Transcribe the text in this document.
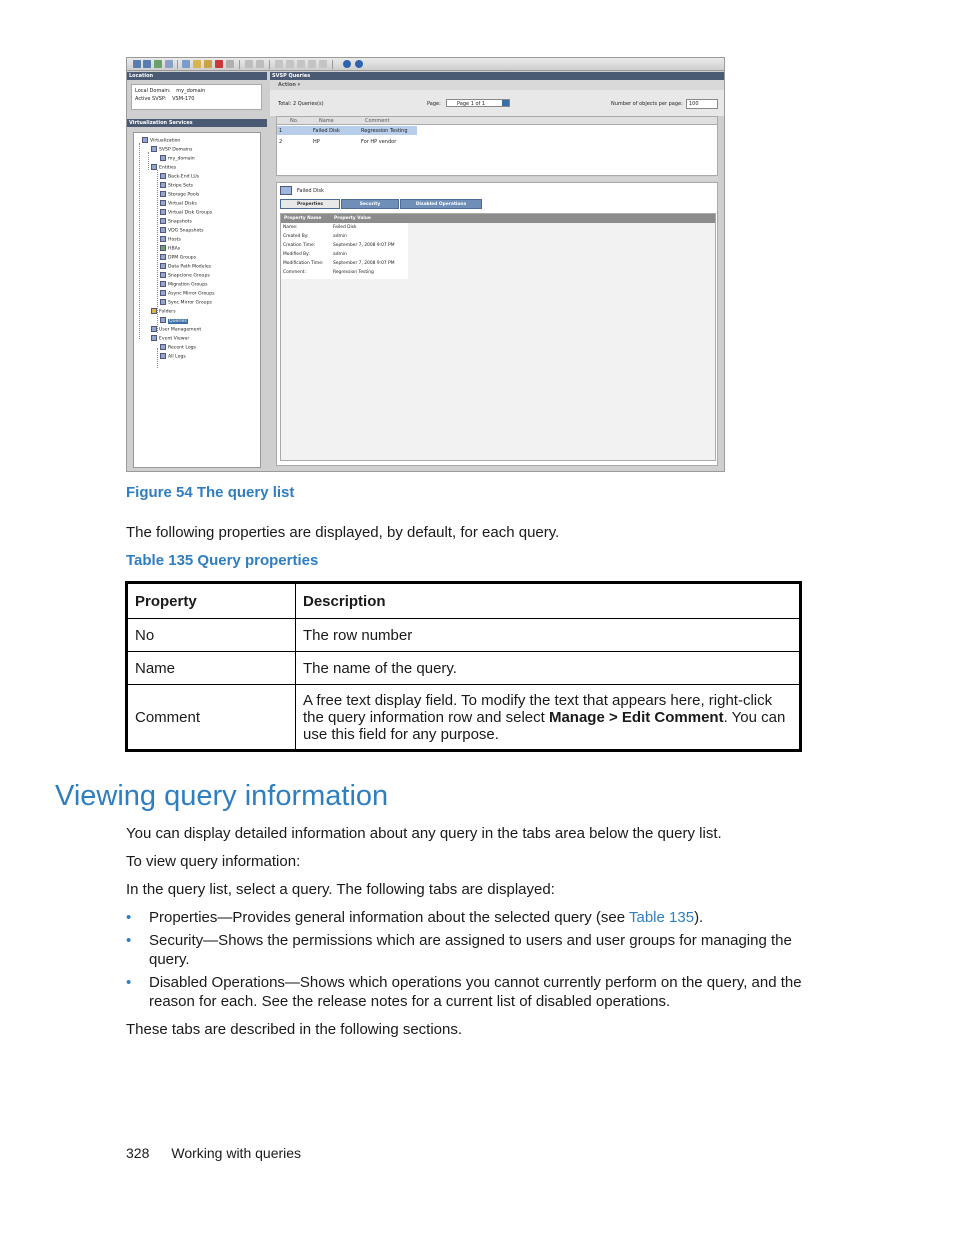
Location
Local Domain: my_domain
Active SVSP: VSM-170
Virtualization Services
Virtualization
SVSP Domains
my_domain
Entities
Back-End LUs
Stripe Sets
Storage Pools
Virtual Disks
Virtual Disk Groups
Snapshots
VDG Snapshots
Hosts
HBAs
DPM Groups
Data Path Modules
Snapclone Groups
Migration Groups
Async Mirror Groups
Sync Mirror Groups
Folders
Queries
User Management
Event Viewer
Recent Logs
All Logs
SVSP Queries
Action ▾
Total: 2 Queries(s)	Page:	Page 1 of 1	Number of objects per page:	100
No.	Name	Comment
1	Failed Disk	Regression Testing
2	HP	For HP vendor
Failed Disk
Properties	Security	Disabled Operations
Property Name	Property Value
Name:	Failed Disk
Created By:	admin
Creation Time:	September 7, 2008 9:07 PM
Modified By:	admin
Modification Time: September 7, 2008 9:07 PM
Comment:	Regression Testing
Figure 54 The query list
The following properties are displayed, by default, for each query.
Table 135 Query properties
Property	Description
No	The row number
Name	The name of the query.
Comment	A free text display field. To modify the text that appears here, right-click the query information row and select Manage > Edit Comment. You can use this field for any purpose.
Viewing query information
You can display detailed information about any query in the tabs area below the query list.
To view query information:
In the query list, select a query. The following tabs are displayed:
• Properties—Provides general information about the selected query (see Table 135).
• Security—Shows the permissions which are assigned to users and user groups for managing the query.
• Disabled Operations—Shows which operations you cannot currently perform on the query, and the reason for each. See the release notes for a current list of disabled operations.
These tabs are described in the following sections.
328 Working with queries
